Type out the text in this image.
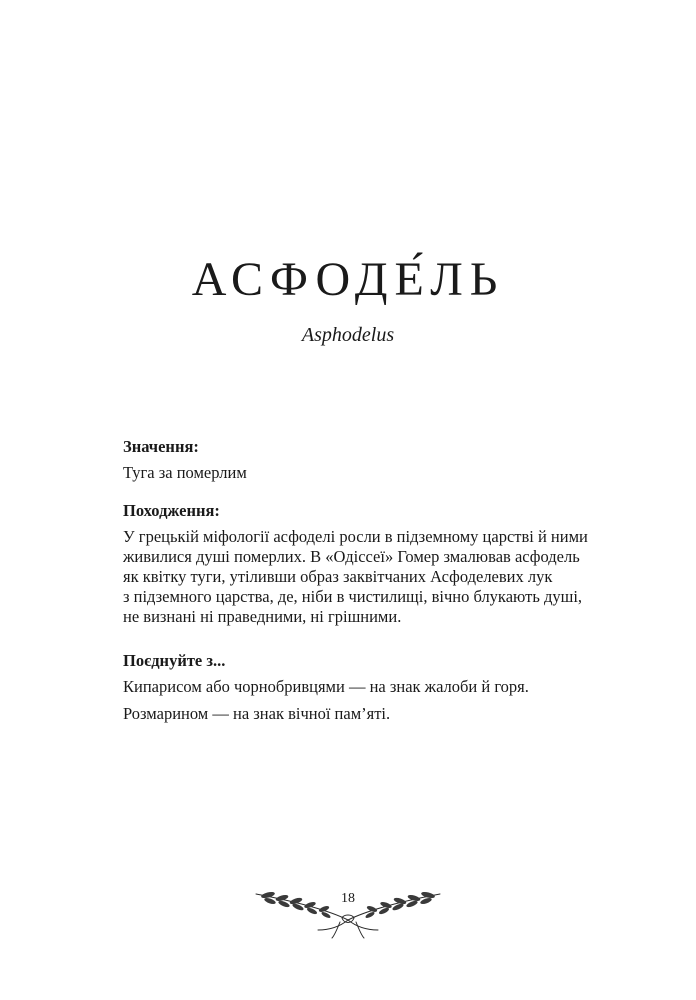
АСФОДЕ́ЛЬ
Asphodelus
Значення:
Туга за померлим
Походження:
У грецькій міфології асфоделі росли в підземному царстві й ними
живилися душі померлих. В «Одіссеї» Гомер змалював асфодель
як квітку туги, утіливши образ заквітчаних Асфоделевих лук
з підземного царства, де, ніби в чистилищі, вічно блукають душі,
не визнані ні праведними, ні грішними.
Поєднуйте з...
Кипарисом або чорнобривцями — на знак жалоби й горя.
Розмарином — на знак вічної пам’яті.
18
